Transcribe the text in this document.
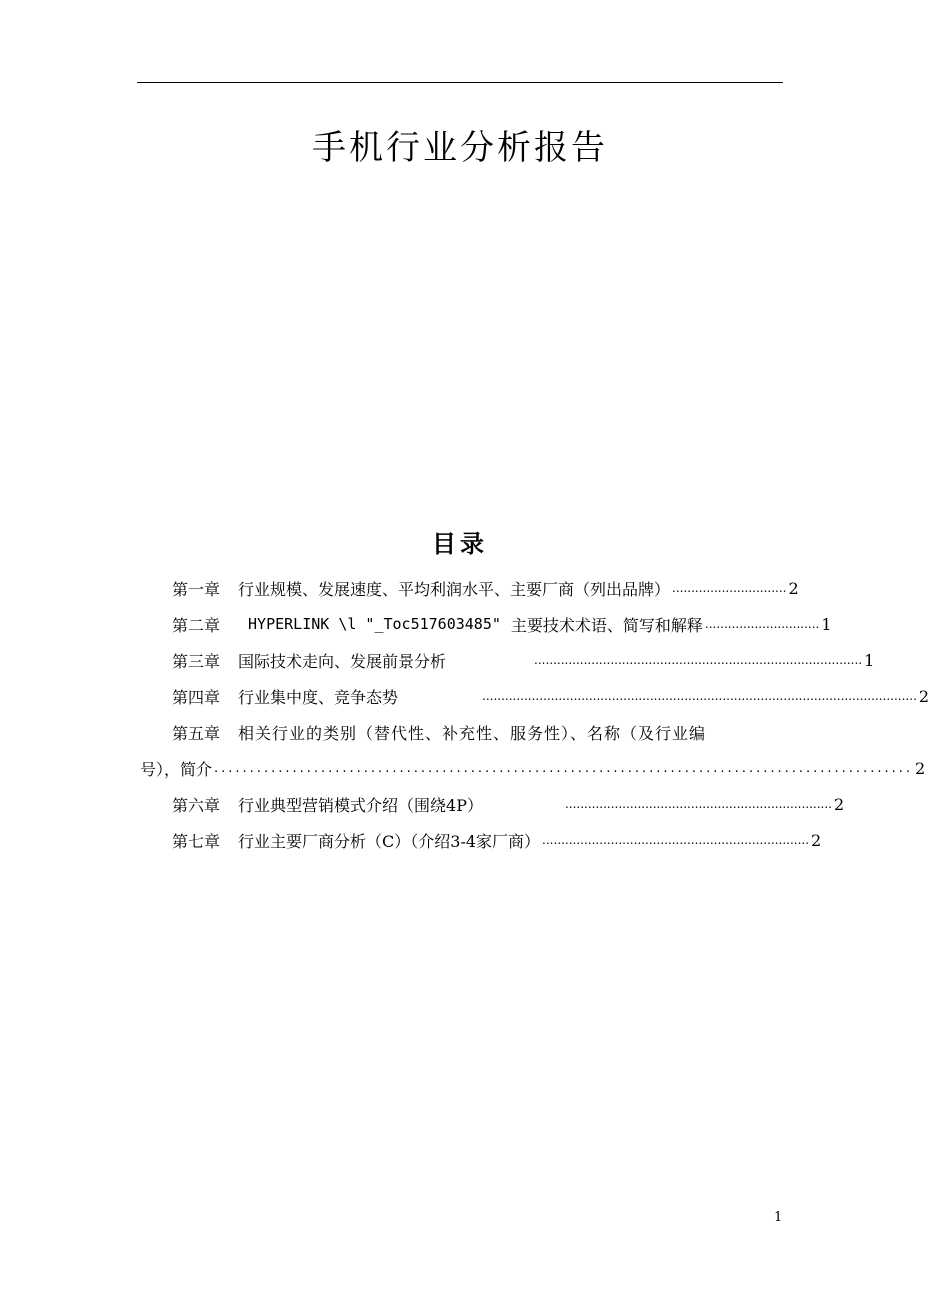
手机行业分析报告
目录
第一章 行业规模、发展速度、平均利润水平、主要厂商（列出品牌） .............................. 2
第二章 HYPERLINK \l "_Toc517603485" 主要技术术语、简写和解释 .............................. 1
第三章 国际技术走向、发展前景分析	...................................................................................... 1
第四章 行业集中度、竞争态势	.................................................................................................................. 2
第五章 相关行业的类别（替代性、补充性、服务性）、名称（及行业编
号），简介 .................................................................................................. 2
第六章 行业典型营销模式介绍（围绕4P）	...................................................................... 2
第七章 行业主要厂商分析（C）（介绍3-4家厂商） ...................................................................... 2
1
